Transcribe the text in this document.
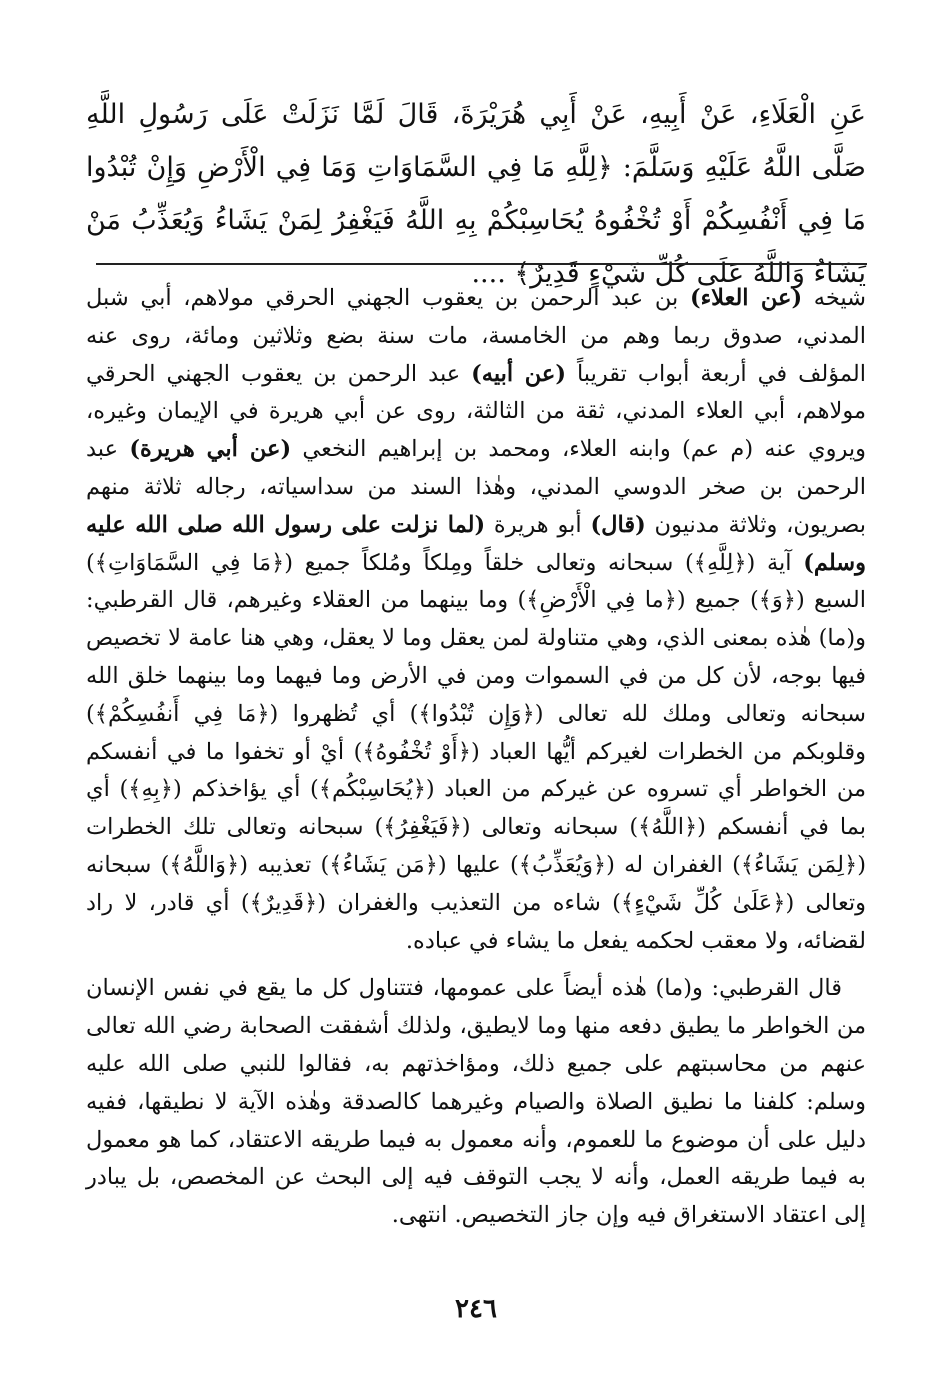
عَنِ الْعَلَاءِ، عَنْ أَبِيهِ، عَنْ أَبِي هُرَيْرَةَ، قَالَ لَمَّا نَزَلَتْ عَلَى رَسُولِ اللَّهِ صَلَّى اللَّهُ عَلَيْهِ وَسَلَّمَ: ﴿لِلَّهِ مَا فِي السَّمَاوَاتِ وَمَا فِي الْأَرْضِ وَإِنْ تُبْدُوا مَا فِي أَنْفُسِكُمْ أَوْ تُخْفُوهُ يُحَاسِبْكُمْ بِهِ اللَّهُ فَيَغْفِرُ لِمَنْ يَشَاءُ وَيُعَذِّبُ مَنْ يَشَاءُ وَاللَّهُ عَلَى كُلِّ شَيْءٍ قَدِيرٌ﴾ ....

شيخه (عن العلاء) بن عبد الرحمن بن يعقوب الجهني الحرقي مولاهم، أبي شبل المدني، صدوق ربما وهم من الخامسة، مات سنة بضع وثلاثين ومائة، روى عنه المؤلف في أربعة أبواب تقريباً (عن أبيه) عبد الرحمن بن يعقوب الجهني الحرقي مولاهم، أبي العلاء المدني، ثقة من الثالثة، روى عن أبي هريرة في الإيمان وغيره، ويروي عنه (م عم) وابنه العلاء، ومحمد بن إبراهيم النخعي (عن أبي هريرة) عبد الرحمن بن صخر الدوسي المدني، وهٰذا السند من سداسياته، رجاله ثلاثة منهم بصريون، وثلاثة مدنيون (قال) أبو هريرة (لما نزلت على رسول الله صلى الله عليه وسلم) آية (﴿لِلَّهِ﴾) سبحانه وتعالى خلقاً ومِلكاً ومُلكاً جميع (﴿مَا فِي السَّمَاوَاتِ﴾) السبع (﴿وَ﴾) جميع (﴿ما فِي الْأَرْضِ﴾) وما بينهما من العقلاء وغيرهم، قال القرطبي: و(ما) هٰذه بمعنى الذي، وهي متناولة لمن يعقل وما لا يعقل، وهي هنا عامة لا تخصيص فيها بوجه، لأن كل من في السموات ومن في الأرض وما فيهما وما بينهما خلق الله سبحانه وتعالى وملك لله تعالى (﴿وَإِن تُبْدُوا﴾) أي تُظهروا (﴿مَا فِي أَنفُسِكُمْ﴾) وقلوبكم من الخطرات لغيركم أيُّها العباد (﴿أَوْ تُخْفُوهُ﴾) أيْ أو تخفوا ما في أنفسكم من الخواطر أي تسروه عن غيركم من العباد (﴿يُحَاسِبْكُم﴾) أي يؤاخذكم (﴿بِهِ﴾) أي بما في أنفسكم (﴿اللَّهُ﴾) سبحانه وتعالى (﴿فَيَغْفِرُ﴾) سبحانه وتعالى تلك الخطرات (﴿لِمَن يَشَاءُ﴾) الغفران له (﴿وَيُعَذِّبُ﴾) عليها (﴿مَن يَشَاءُ﴾) تعذيبه (﴿وَاللَّهُ﴾) سبحانه وتعالى (﴿عَلَىٰ كُلِّ شَيْءٍ﴾) شاءه من التعذيب والغفران (﴿قَدِيرٌ﴾) أي قادر، لا راد لقضائه، ولا معقب لحكمه يفعل ما يشاء في عباده.

قال القرطبي: و(ما) هٰذه أيضاً على عمومها، فتتناول كل ما يقع في نفس الإنسان من الخواطر ما يطيق دفعه منها وما لايطيق، ولذلك أشفقت الصحابة رضي الله تعالى عنهم من محاسبتهم على جميع ذلك، ومؤاخذتهم به، فقالوا للنبي صلى الله عليه وسلم: كلفنا ما نطيق الصلاة والصيام وغيرهما كالصدقة وهٰذه الآية لا نطيقها، ففيه دليل على أن موضوع ما للعموم، وأنه معمول به فيما طريقه الاعتقاد، كما هو معمول به فيما طريقه العمل، وأنه لا يجب التوقف فيه إلى البحث عن المخصص، بل يبادر إلى اعتقاد الاستغراق فيه وإن جاز التخصيص. انتهى.

٢٤٦
